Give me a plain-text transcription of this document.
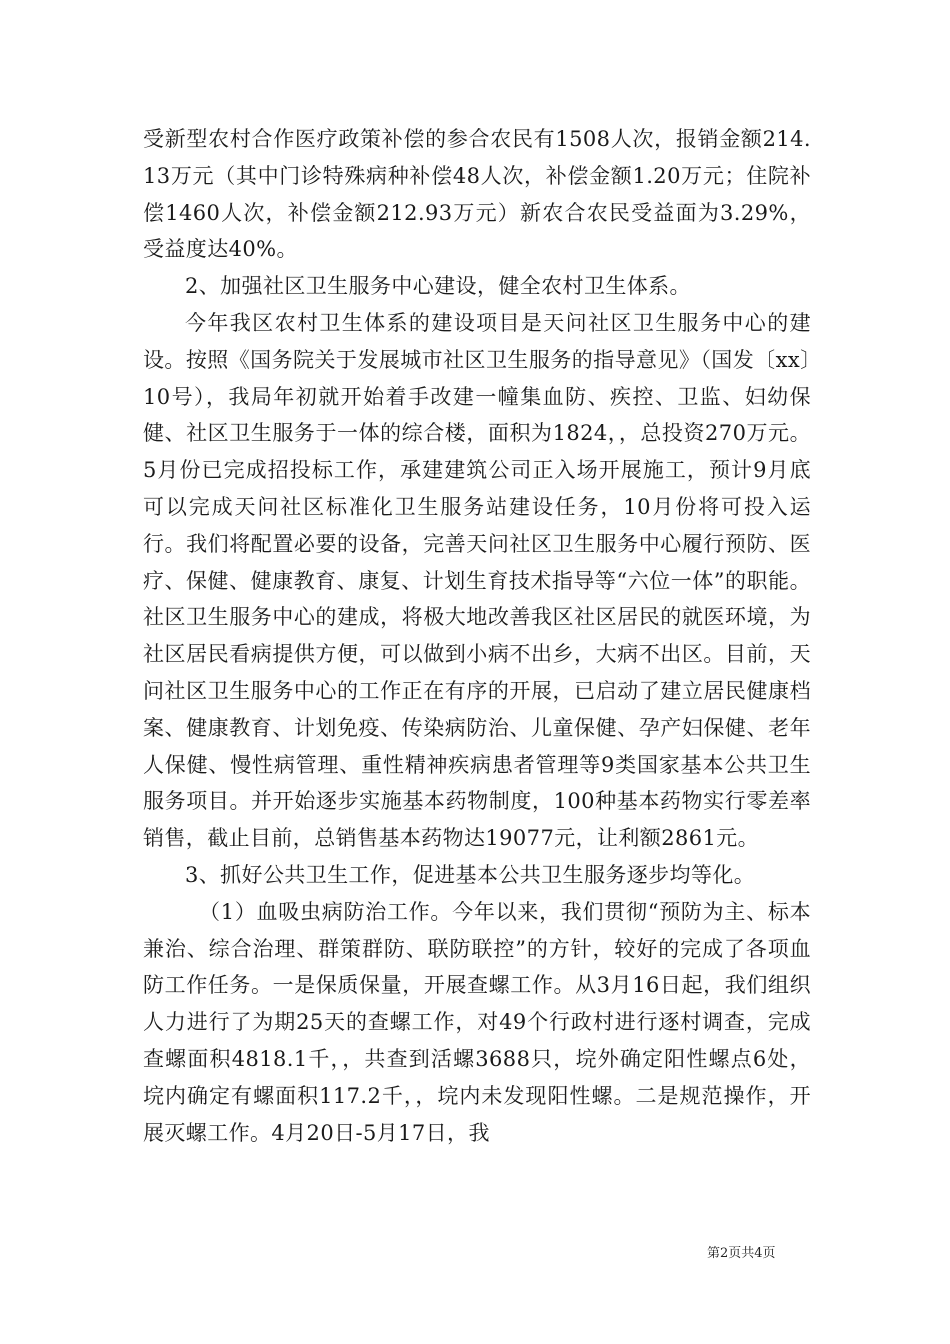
受新型农村合作医疗政策补偿的参合农民有1508人次，报销金额214.13万元（其中门诊特殊病种补偿48人次，补偿金额1.20万元；住院补偿1460人次，补偿金额212.93万元）新农合农民受益面为3.29%，受益度达40%。

2、加强社区卫生服务中心建设，健全农村卫生体系。

今年我区农村卫生体系的建设项目是天问社区卫生服务中心的建设。按照《国务院关于发展城市社区卫生服务的指导意见》（国发〔xx〕10号），我局年初就开始着手改建一幢集血防、疾控、卫监、妇幼保健、社区卫生服务于一体的综合楼，面积为1824，，总投资270万元。5月份已完成招投标工作，承建建筑公司正入场开展施工，预计9月底可以完成天问社区标准化卫生服务站建设任务，10月份将可投入运行。我们将配置必要的设备，完善天问社区卫生服务中心履行预防、医疗、保健、健康教育、康复、计划生育技术指导等“六位一体”的职能。社区卫生服务中心的建成，将极大地改善我区社区居民的就医环境，为社区居民看病提供方便，可以做到小病不出乡，大病不出区。目前，天问社区卫生服务中心的工作正在有序的开展，已启动了建立居民健康档案、健康教育、计划免疫、传染病防治、儿童保健、孕产妇保健、老年人保健、慢性病管理、重性精神疾病患者管理等9类国家基本公共卫生服务项目。并开始逐步实施基本药物制度，100种基本药物实行零差率销售，截止目前，总销售基本药物达19077元，让利额2861元。

3、抓好公共卫生工作，促进基本公共卫生服务逐步均等化。

（1）血吸虫病防治工作。今年以来，我们贯彻“预防为主、标本兼治、综合治理、群策群防、联防联控”的方针，较好的完成了各项血防工作任务。一是保质保量，开展查螺工作。从3月16日起，我们组织人力进行了为期25天的查螺工作，对49个行政村进行逐村调查，完成查螺面积4818.1千，，共查到活螺3688只，垸外确定阳性螺点6处，垸内确定有螺面积117.2千，，垸内未发现阳性螺。二是规范操作，开展灭螺工作。4月20日-5月17日，我

第2页共4页
